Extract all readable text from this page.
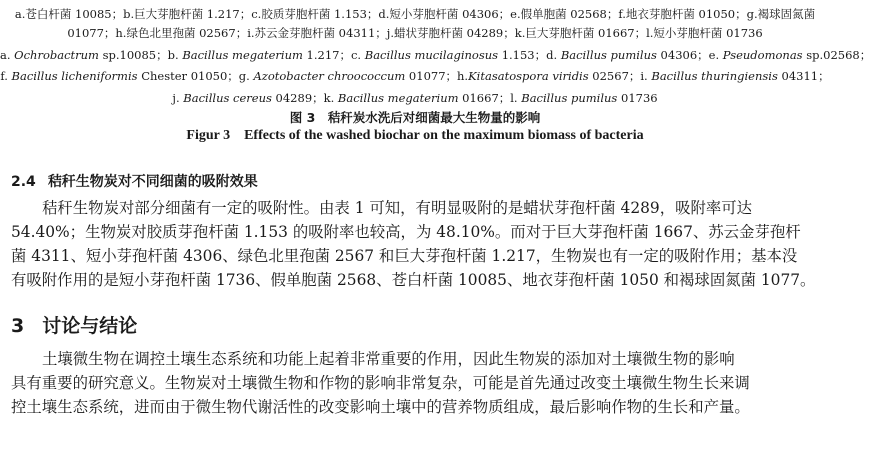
a.苍白杆菌 10085；b.巨大芽胞杆菌 1.217；c.胶质芽胞杆菌 1.153；d.短小芽胞杆菌 04306；e.假单胞菌 02568；f.地衣芽胞杆菌 01050；g.褐球固氮菌
01077；h.绿色北里孢菌 02567；i.苏云金芽胞杆菌 04311；j.蜡状芽胞杆菌 04289；k.巨大芽胞杆菌 01667；l.短小芽胞杆菌 01736
a. Ochrobactrum sp.10085；b. Bacillus megaterium 1.217；c. Bacillus mucilaginosus 1.153；d. Bacillus pumilus 04306；e. Pseudomonas sp.02568；
f. Bacillus licheniformis Chester 01050；g. Azotobacter chroococcum 01077；h.Kitasatospora viridis 02567；i. Bacillus thuringiensis 04311；
j. Bacillus cereus 04289；k. Bacillus megaterium 01667；l. Bacillus pumilus 01736
图 3　秸秆炭水洗后对细菌最大生物量的影响
Figur 3　Effects of the washed biochar on the maximum biomass of bacteria
2.4 秸秆生物炭对不同细菌的吸附效果
秸秆生物炭对部分细菌有一定的吸附性。由表 1 可知，有明显吸附的是蜡状芽孢杆菌 4289，吸附率可达
54.40%；生物炭对胶质芽孢杆菌 1.153 的吸附率也较高，为 48.10%。而对于巨大芽孢杆菌 1667、苏云金芽孢杆
菌 4311、短小芽孢杆菌 4306、绿色北里孢菌 2567 和巨大芽孢杆菌 1.217，生物炭也有一定的吸附作用；基本没
有吸附作用的是短小芽孢杆菌 1736、假单胞菌 2568、苍白杆菌 10085、地衣芽孢杆菌 1050 和褐球固氮菌 1077。
3 讨论与结论
土壤微生物在调控土壤生态系统和功能上起着非常重要的作用，因此生物炭的添加对土壤微生物的影响
具有重要的研究意义。生物炭对土壤微生物和作物的影响非常复杂，可能是首先通过改变土壤微生物生长来调
控土壤生态系统，进而由于微生物代谢活性的改变影响土壤中的营养物质组成，最后影响作物的生长和产量。
